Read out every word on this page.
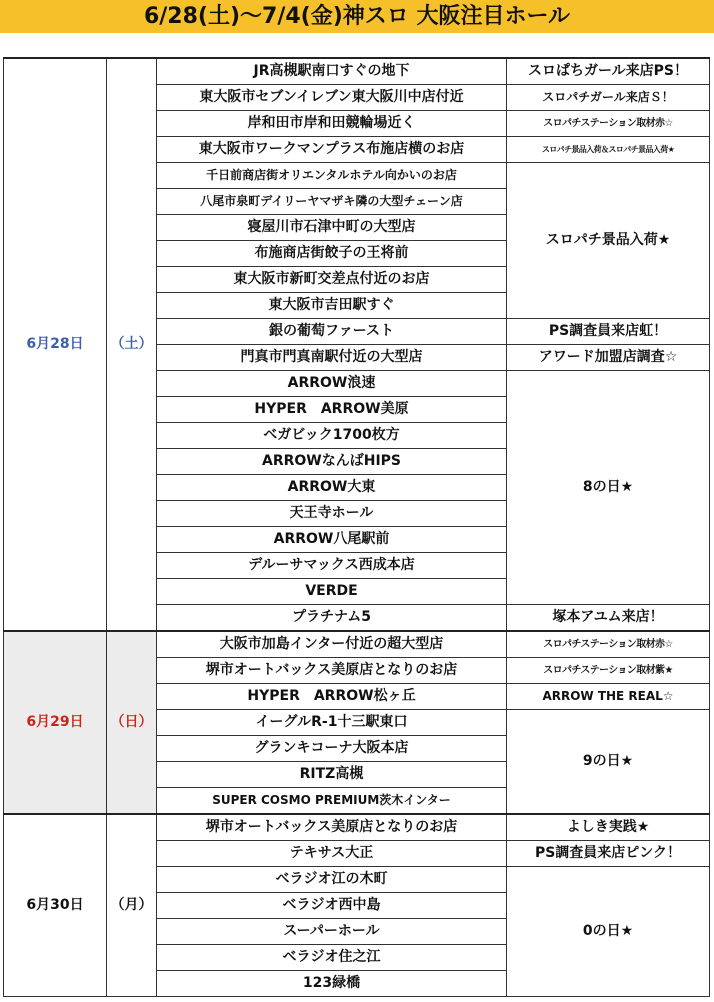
6/28(土)〜7/4(金)神スロ 大阪注目ホール
6月28日	（土）	JR高槻駅南口すぐの地下	スロぱちガール来店PS！
		東大阪市セブンイレブン東大阪川中店付近	スロパチガール来店Ｓ！
		岸和田市岸和田競輪場近く	スロパチステーション取材赤☆
		東大阪市ワークマンプラス布施店横のお店	スロパチ景品入荷＆スロパチ景品入荷★
		千日前商店街オリエンタルホテル向かいのお店	スロパチ景品入荷★
		八尾市泉町デイリーヤマザキ隣の大型チェーン店	
		寝屋川市石津中町の大型店	
		布施商店街餃子の王将前	
		東大阪市新町交差点付近のお店	
		東大阪市吉田駅すぐ	
		銀の葡萄ファースト	PS調査員来店虹！
		門真市門真南駅付近の大型店	アワード加盟店調査☆
		ARROW浪速	8の日★
		HYPER　ARROW美原	
		ベガビック1700枚方	
		ARROWなんばHIPS	
		ARROW大東	
		天王寺ホール	
		ARROW八尾駅前	
		デルーサマックス西成本店	
		VERDE	
		プラチナム5	塚本アユム来店！
6月29日	（日）	大阪市加島インター付近の超大型店	スロパチステーション取材赤☆
		堺市オートバックス美原店となりのお店	スロパチステーション取材紫★
		HYPER　ARROW松ヶ丘	ARROW THE REAL☆
		イーグルR-1十三駅東口	9の日★
		グランキコーナ大阪本店	
		RITZ高槻	
		SUPER COSMO PREMIUM茨木インター	
6月30日	（月）	堺市オートバックス美原店となりのお店	よしき実践★
		テキサス大正	PS調査員来店ピンク！
		ベラジオ江の木町	0の日★
		ベラジオ西中島	
		スーパーホール	
		ベラジオ住之江	
		123緑橋	
